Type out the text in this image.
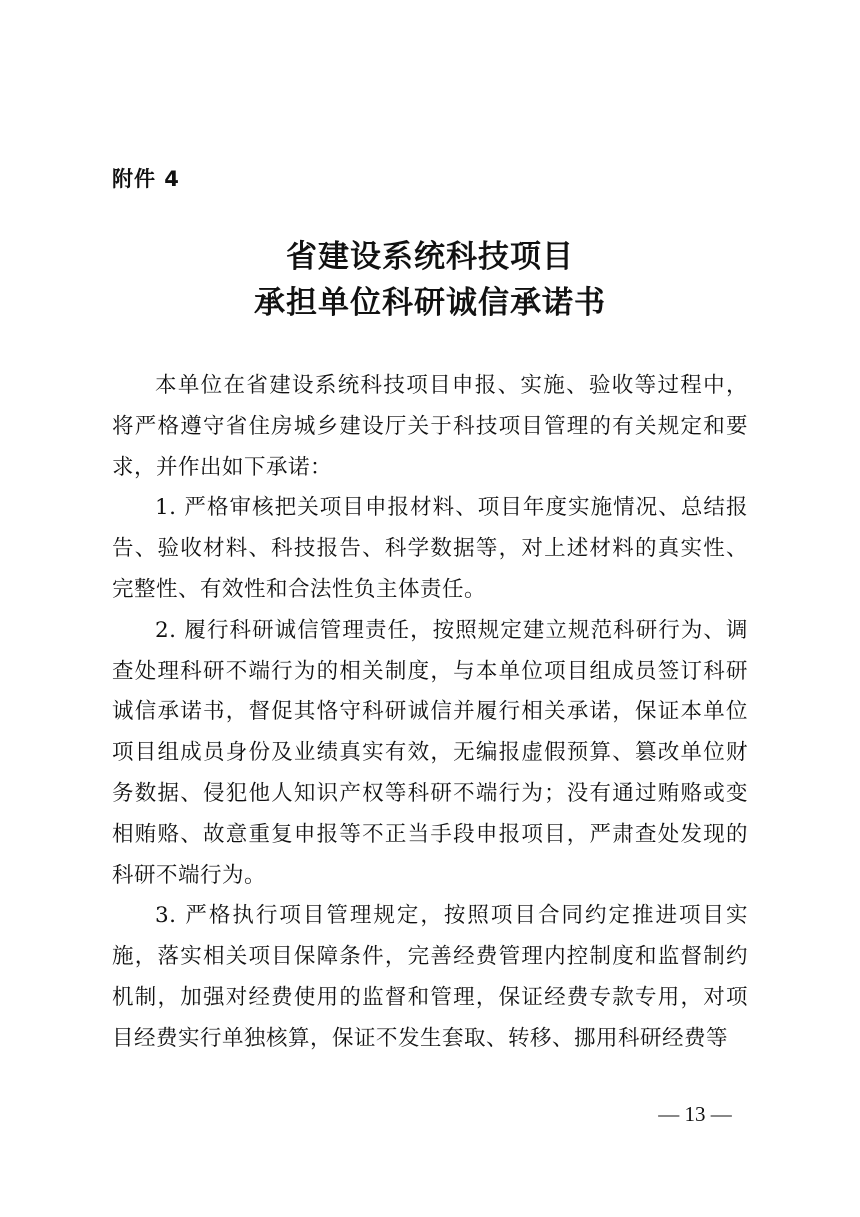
附件 4
省建设系统科技项目
承担单位科研诚信承诺书

本单位在省建设系统科技项目申报、实施、验收等过程中，将严格遵守省住房城乡建设厅关于科技项目管理的有关规定和要求，并作出如下承诺：

1. 严格审核把关项目申报材料、项目年度实施情况、总结报告、验收材料、科技报告、科学数据等，对上述材料的真实性、完整性、有效性和合法性负主体责任。

2. 履行科研诚信管理责任，按照规定建立规范科研行为、调查处理科研不端行为的相关制度，与本单位项目组成员签订科研诚信承诺书，督促其恪守科研诚信并履行相关承诺，保证本单位项目组成员身份及业绩真实有效，无编报虚假预算、篡改单位财务数据、侵犯他人知识产权等科研不端行为；没有通过贿赂或变相贿赂、故意重复申报等不正当手段申报项目，严肃查处发现的科研不端行为。

3. 严格执行项目管理规定，按照项目合同约定推进项目实施，落实相关项目保障条件，完善经费管理内控制度和监督制约机制，加强对经费使用的监督和管理，保证经费专款专用，对项目经费实行单独核算，保证不发生套取、转移、挪用科研经费等

— 13 —
